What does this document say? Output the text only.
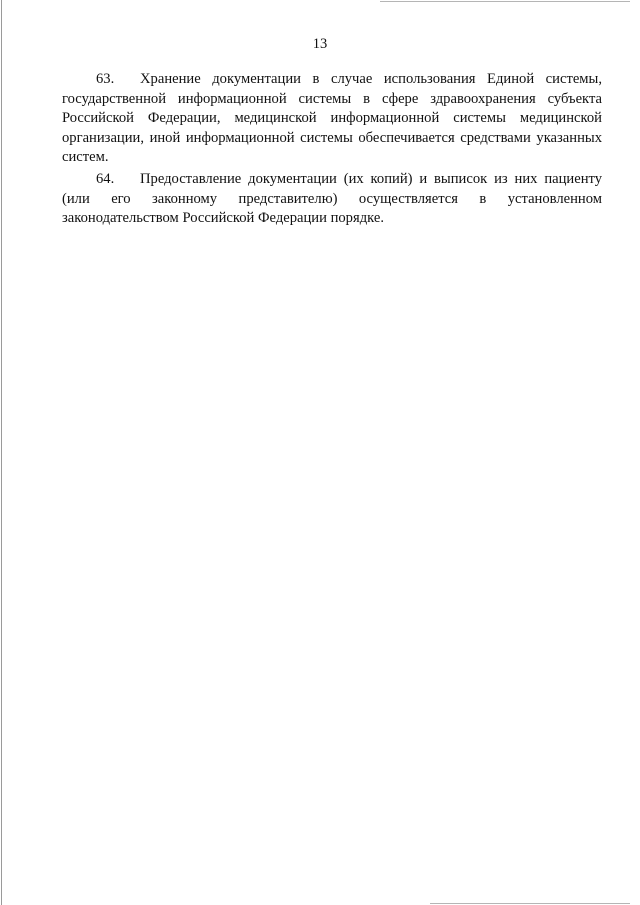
13

63. Хранение документации в случае использования Единой системы, государственной информационной системы в сфере здравоохранения субъекта Российской Федерации, медицинской информационной системы медицинской организации, иной информационной системы обеспечивается средствами указанных систем.

64. Предоставление документации (их копий) и выписок из них пациенту (или его законному представителю) осуществляется в установленном законодательством Российской Федерации порядке.
